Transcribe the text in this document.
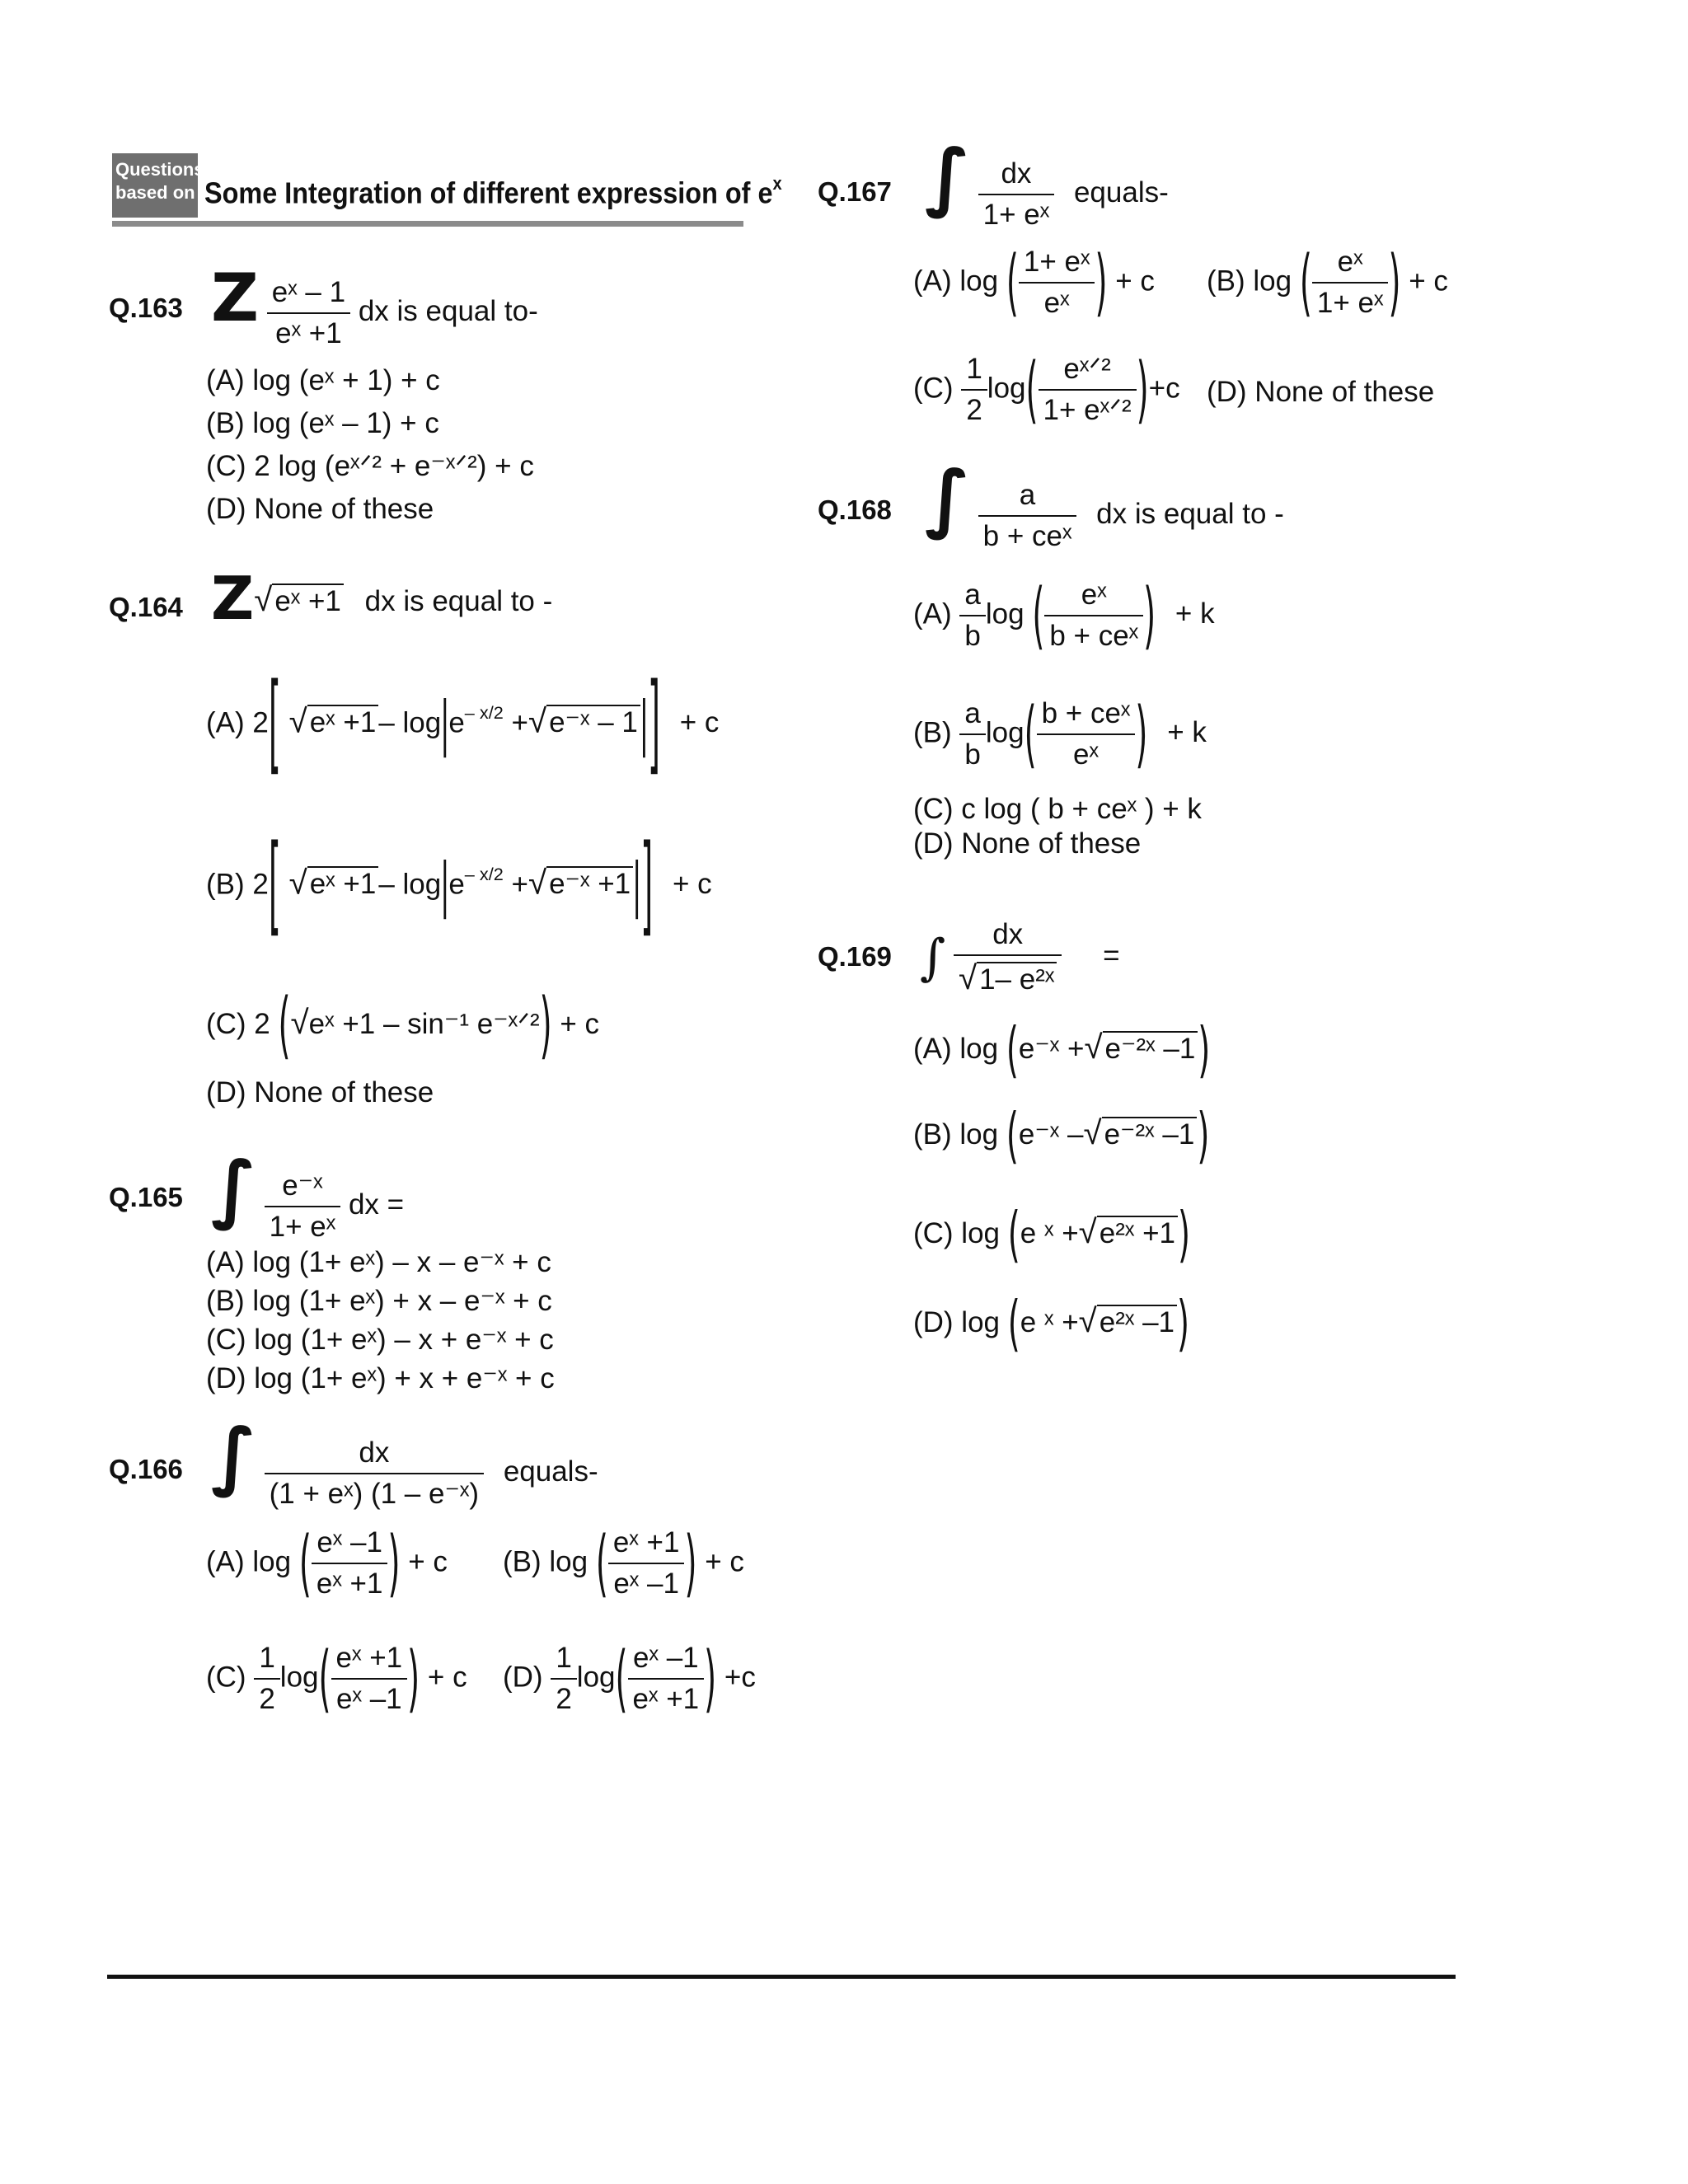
Questions
based on Some Integration of different expression of $e^x$
Q.163 Z $\frac{\text{eˣ – 1}}{\text{eˣ +1}}$ dx is equal to-
(A) log (eˣ + 1) + c
(B) log (eˣ – 1) + c
(C) 2 log (eˣᐟ² + e⁻ˣᐟ²) + c
(D) None of these
Q.164 Z√eˣ +1 dx is equal to -
(A) 2[ √eˣ +1– $\log|e^{- x/2}$ +√e⁻ˣ – 1|] + c
(B) 2[ √eˣ +1– $\log|e^{- x/2}$ +√e⁻ˣ +1|] + c
(C) 2 (√eˣ +1 – sin⁻¹ e⁻ˣᐟ²) + c
(D) None of these
Q.165 ∫ $\frac{\text{e⁻ˣ}}{\text{1+ eˣ}}$ dx =
(A) log (1+ eˣ) – x – e⁻ˣ + c
(B) log (1+ eˣ) + x – e⁻ˣ + c
(C) log (1+ eˣ) – x + e⁻ˣ + c
(D) log (1+ eˣ) + x + e⁻ˣ + c
Q.166 ∫ $\frac{dx}{\text{(1 + eˣ) (1 – e⁻ˣ)}}$ equals-
(A) log ( $\frac{\text{eˣ –1}}{\text{eˣ +1}}$ ) + c (B) log ( $\frac{\text{eˣ +1}}{\text{eˣ –1}}$ ) + c
$(C) \frac{1}{2} \log( \frac{\text{eˣ +1}}{\text{eˣ –1}}$ ) + c $(D) \frac{1}{2} \log( \frac{\text{eˣ –1}}{\text{eˣ +1}}$ ) +c
Q.167 ∫ $\frac{dx}{\text{1+ eˣ}}$ equals-
(A) log ( $\frac{\text{1+ eˣ}}{\text{eˣ}}$ ) + c (B) log ( $\frac{\text{eˣ}}{\text{1+ eˣ}}$ ) + c
$(C) \frac{1}{2} \log( \frac{\text{eˣᐟ²}}{\text{1+ eˣᐟ²}} )+c$ (D) None of these
Q.168 ∫ $\frac{a}{\text{b + ceˣ}}$ dx is equal to -
$(A) \frac{a}{b}$ log ( $\frac{\text{eˣ}}{\text{b + ceˣ}}$ ) + k
$(B) \frac{a}{b} \log( \frac{\text{b + ceˣ}}{\text{eˣ}}$ ) + k
(C) c log ( b + ceˣ ) + k
(D) None of these
Q.169 ∫ $\frac{dx}{\text{√1– e²ˣ}}$ =
(A) log (e⁻ˣ +√e⁻²ˣ –1)
(B) log (e⁻ˣ –√e⁻²ˣ –1)
(C) log (e ˣ +√e²ˣ +1)
(D) log (e ˣ +√e²ˣ –1)
